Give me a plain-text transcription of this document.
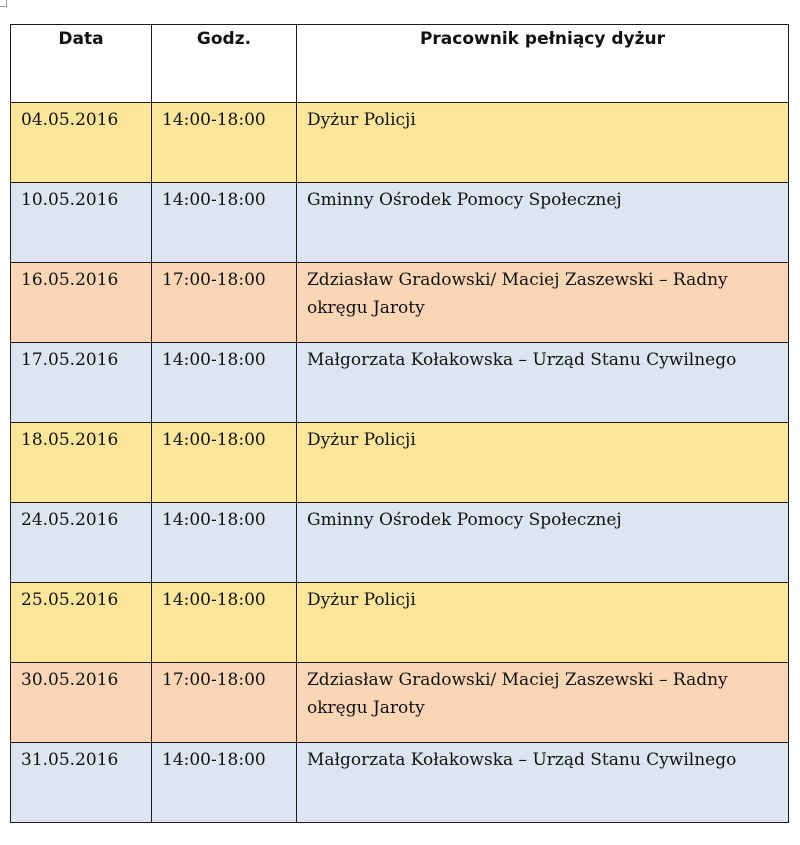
Data	Godz.	Pracownik pełniący dyżur
04.05.2016	14:00-18:00	Dyżur Policji
10.05.2016	14:00-18:00	Gminny Ośrodek Pomocy Społecznej
16.05.2016	17:00-18:00	Zdziasław Gradowski/ Maciej Zaszewski – Radny okręgu Jaroty
17.05.2016	14:00-18:00	Małgorzata Kołakowska – Urząd Stanu Cywilnego
18.05.2016	14:00-18:00	Dyżur Policji
24.05.2016	14:00-18:00	Gminny Ośrodek Pomocy Społecznej
25.05.2016	14:00-18:00	Dyżur Policji
30.05.2016	17:00-18:00	Zdziasław Gradowski/ Maciej Zaszewski – Radny okręgu Jaroty
31.05.2016	14:00-18:00	Małgorzata Kołakowska – Urząd Stanu Cywilnego
